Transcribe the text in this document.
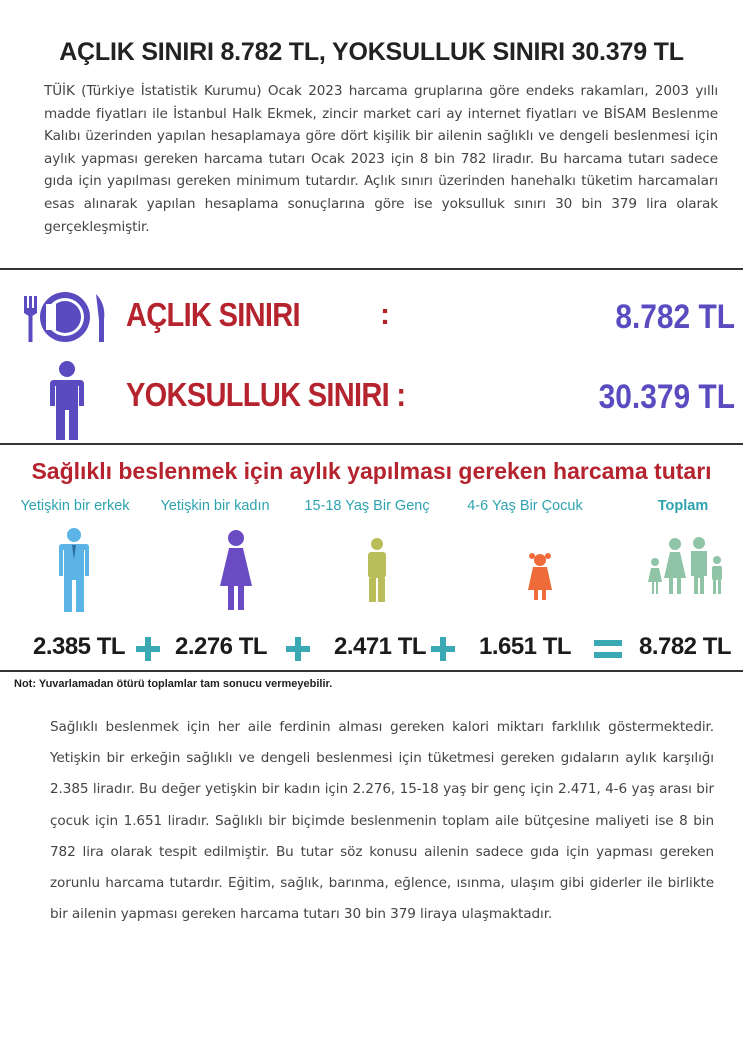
AÇLIK SINIRI 8.782 TL, YOKSULLUK SINIRI 30.379 TL
TÜİK (Türkiye İstatistik Kurumu) Ocak 2023 harcama gruplarına göre endeks rakamları, 2003 yıllı madde fiyatları ile İstanbul Halk Ekmek, zincir market cari ay internet fiyatları ve BİSAM Beslenme Kalıbı üzerinden yapılan hesaplamaya göre dört kişilik bir ailenin sağlıklı ve dengeli beslenmesi için aylık yapması gereken harcama tutarı Ocak 2023 için 8 bin 782 liradır. Bu harcama tutarı sadece gıda için yapılması gereken minimum tutardır. Açlık sınırı üzerinden hanehalkı tüketim harcamaları esas alınarak yapılan hesaplama sonuçlarına göre ise yoksulluk sınırı 30 bin 379 lira olarak gerçekleşmiştir.
AÇLIK SINIRI	:	8.782 TL
YOKSULLUK SINIRI :	30.379 TL
Sağlıklı beslenmek için aylık yapılması gereken harcama tutarı
Yetişkin bir erkek	Yetişkin bir kadın	15-18 Yaş Bir Genç	4-6 Yaş Bir Çocuk	Toplam
2.385 TL	2.276 TL	2.471 TL	1.651 TL	8.782 TL
Not: Yuvarlamadan ötürü toplamlar tam sonucu vermeyebilir.
Sağlıklı beslenmek için her aile ferdinin alması gereken kalori miktarı farklılık göstermektedir. Yetişkin bir erkeğin sağlıklı ve dengeli beslenmesi için tüketmesi gereken gıdaların aylık karşılığı 2.385 liradır. Bu değer yetişkin bir kadın için 2.276, 15-18 yaş bir genç için 2.471, 4-6 yaş arası bir çocuk için 1.651 liradır. Sağlıklı bir biçimde beslenmenin toplam aile bütçesine maliyeti ise 8 bin 782 lira olarak tespit edilmiştir. Bu tutar söz konusu ailenin sadece gıda için yapması gereken zorunlu harcama tutardır. Eğitim, sağlık, barınma, eğlence, ısınma, ulaşım gibi giderler ile birlikte bir ailenin yapması gereken harcama tutarı 30 bin 379 liraya ulaşmaktadır.
